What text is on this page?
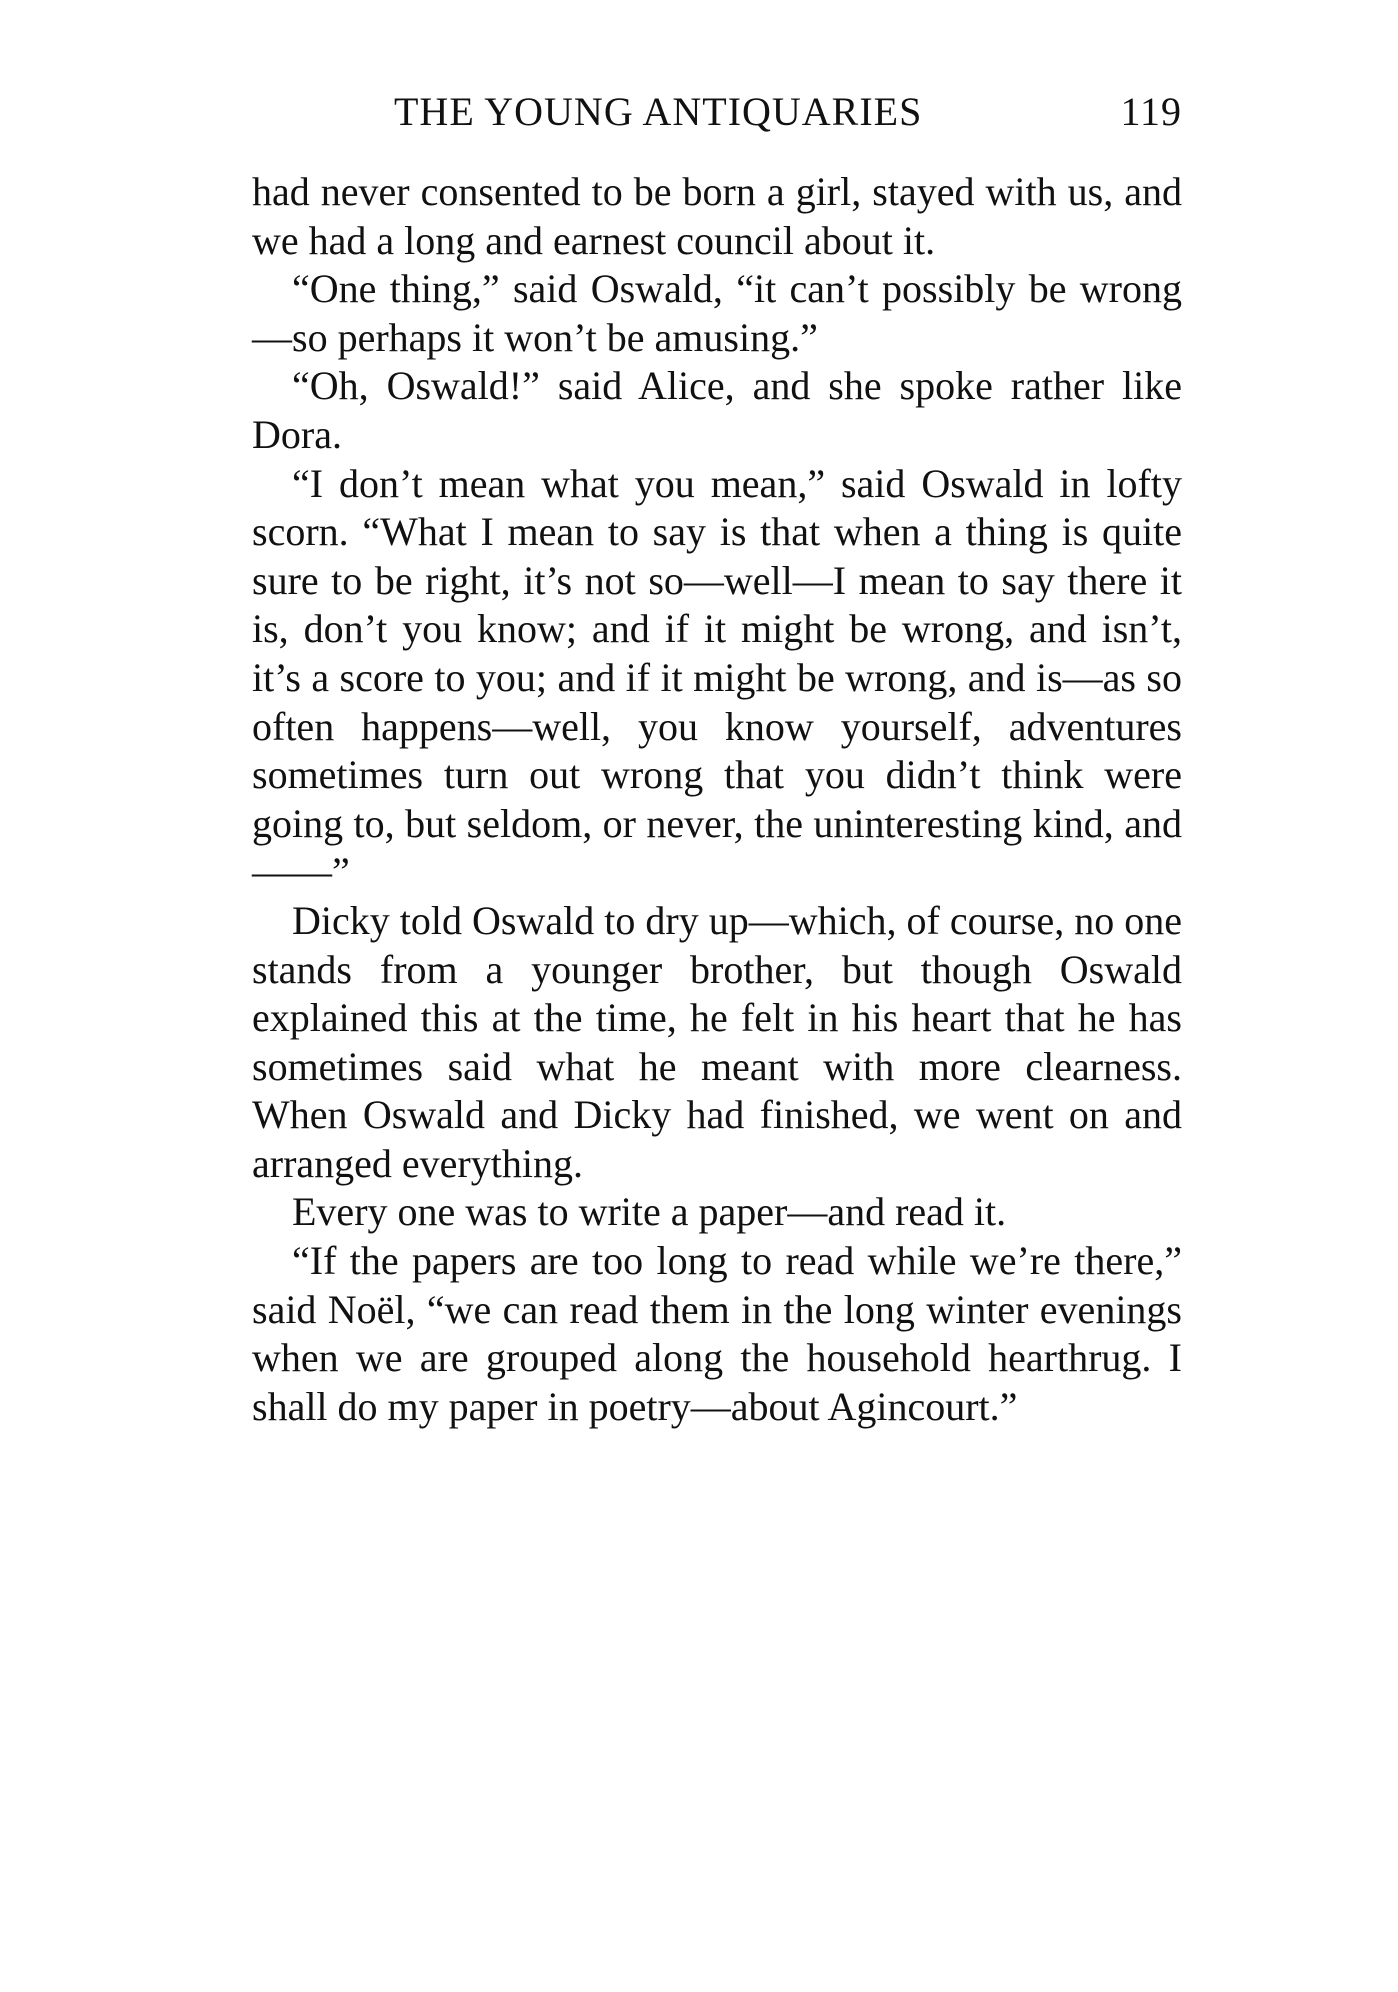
THE YOUNG ANTIQUARIES	119

had never consented to be born a girl, stayed with us, and we had a long and earnest council about it.

“One thing,” said Oswald, “it can’t possibly be wrong—so perhaps it won’t be amusing.”

“Oh, Oswald!” said Alice, and she spoke rather like Dora.

“I don’t mean what you mean,” said Oswald in lofty scorn. “What I mean to say is that when a thing is quite sure to be right, it’s not so—well—I mean to say there it is, don’t you know; and if it might be wrong, and isn’t, it’s a score to you; and if it might be wrong, and is—as so often happens—well, you know yourself, adventures sometimes turn out wrong that you didn’t think were going to, but seldom, or never, the uninteresting kind, and——”

Dicky told Oswald to dry up—which, of course, no one stands from a younger brother, but though Oswald explained this at the time, he felt in his heart that he has sometimes said what he meant with more clearness. When Oswald and Dicky had finished, we went on and arranged everything.

Every one was to write a paper—and read it.

“If the papers are too long to read while we’re there,” said Noël, “we can read them in the long winter evenings when we are grouped along the household hearthrug. I shall do my paper in poetry—about Agincourt.”
